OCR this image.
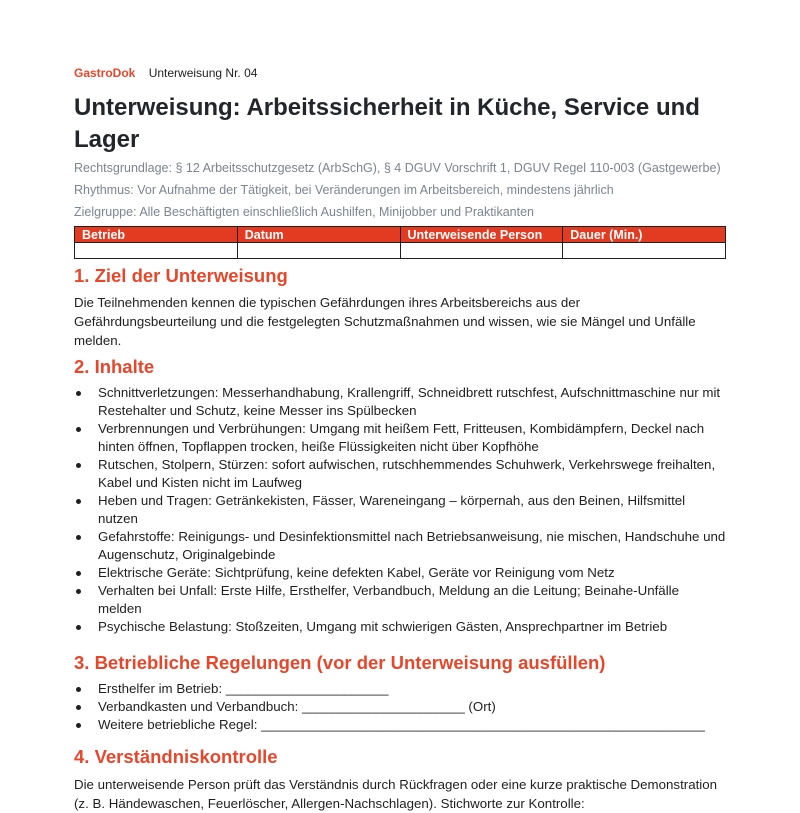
GastroDok Unterweisung Nr. 04
Unterweisung: Arbeitssicherheit in Küche, Service und Lager
Rechtsgrundlage: § 12 Arbeitsschutzgesetz (ArbSchG), § 4 DGUV Vorschrift 1, DGUV Regel 110-003 (Gastgewerbe)
Rhythmus: Vor Aufnahme der Tätigkeit, bei Veränderungen im Arbeitsbereich, mindestens jährlich
Zielgruppe: Alle Beschäftigten einschließlich Aushilfen, Minijobber und Praktikanten
Betrieb	Datum	Unterweisende Person	Dauer (Min.)

1. Ziel der Unterweisung

Die Teilnehmenden kennen die typischen Gefährdungen ihres Arbeitsbereichs aus der Gefährdungsbeurteilung und die festgelegten Schutzmaßnahmen und wissen, wie sie Mängel und Unfälle melden.

2. Inhalte
Schnittverletzungen: Messerhandhabung, Krallengriff, Schneidbrett rutschfest, Aufschnittmaschine nur mit Restehalter und Schutz, keine Messer ins Spülbecken
Verbrennungen und Verbrühungen: Umgang mit heißem Fett, Fritteusen, Kombidämpfern, Deckel nach hinten öffnen, Topflappen trocken, heiße Flüssigkeiten nicht über Kopfhöhe
Rutschen, Stolpern, Stürzen: sofort aufwischen, rutschhemmendes Schuhwerk, Verkehrswege freihalten, Kabel und Kisten nicht im Laufweg
Heben und Tragen: Getränkekisten, Fässer, Wareneingang – körpernah, aus den Beinen, Hilfsmittel nutzen
Gefahrstoffe: Reinigungs- und Desinfektionsmittel nach Betriebsanweisung, nie mischen, Handschuhe und Augenschutz, Originalgebinde
Elektrische Geräte: Sichtprüfung, keine defekten Kabel, Geräte vor Reinigung vom Netz
Verhalten bei Unfall: Erste Hilfe, Ersthelfer, Verbandbuch, Meldung an die Leitung; Beinahe-Unfälle melden
Psychische Belastung: Stoßzeiten, Umgang mit schwierigen Gästen, Ansprechpartner im Betrieb
3. Betriebliche Regelungen (vor der Unterweisung ausfüllen)
Ersthelfer im Betrieb: ______________________
Verbandkasten und Verbandbuch: ______________________ (Ort)
Weitere betriebliche Regel: ____________________________________________________________
4. Verständniskontrolle

Die unterweisende Person prüft das Verständnis durch Rückfragen oder eine kurze praktische Demonstration (z. B. Händewaschen, Feuerlöscher, Allergen-Nachschlagen). Stichworte zur Kontrolle:
